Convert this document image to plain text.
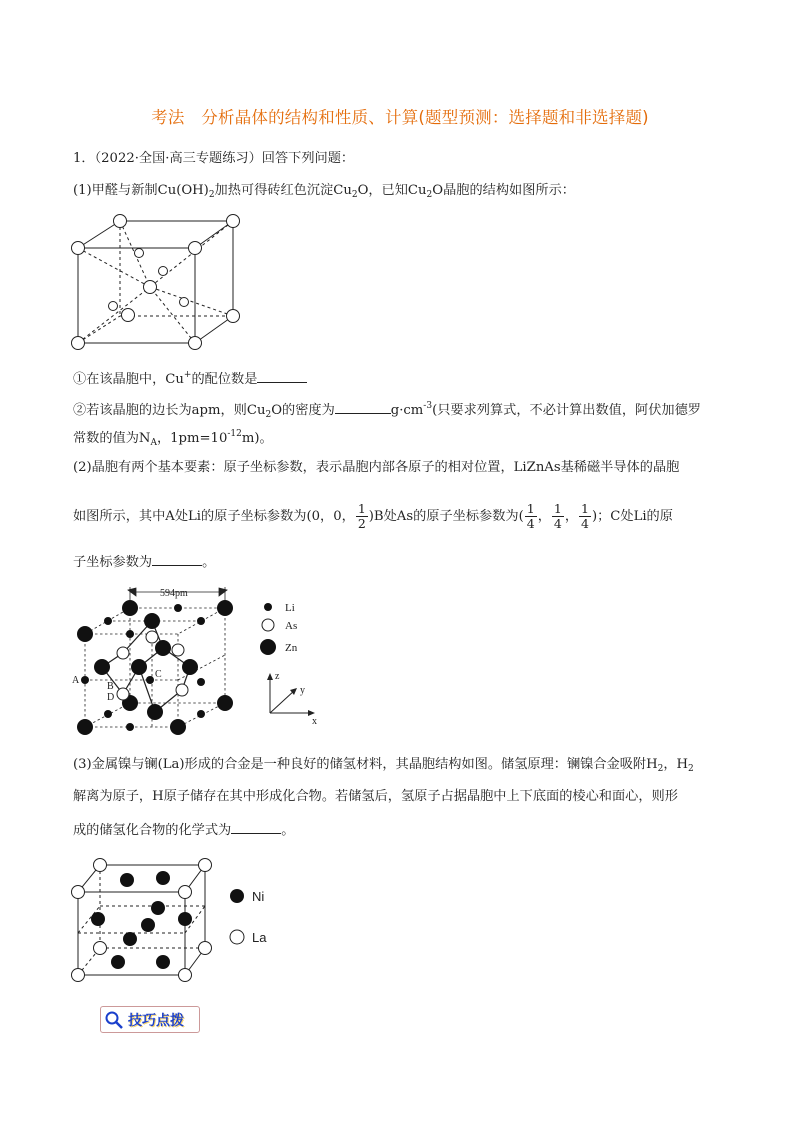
考法　分析晶体的结构和性质、计算(题型预测：选择题和非选择题)
1．（2022·全国·高三专题练习）回答下列问题：
(1)甲醛与新制$Cu(OH)_2$加热可得砖红色沉淀$Cu_2O$，已知$Cu_2O$晶胞的结构如图所示：
①在该晶胞中，Cu+的配位数是
②若该晶胞的边长为apm，则$Cu_2O$的密度为	$g\cdot cm^{-3}$(只要求列算式，不必计算出数值，阿伏加德罗
常数的值为$N_A$，$1pm=10^{-12}m$)。
(2)晶胞有两个基本要素：原子坐标参数，表示晶胞内部各原子的相对位置，LiZnAs基稀磁半导体的晶胞
如图所示，其中A处Li的原子坐标参数为(0，0， $\frac{1}{2} )B$处As的原子坐标参数为( $\frac{1}{4}$ ， $\frac{1}{4}$ ， $\frac{1}{4}$ )；C处Li的原
子坐标参数为	。
594pm
A
B
C
D
Li
As
Zn
z
y
x
(3)金属镍与镧(La)形成的合金是一种良好的储氢材料，其晶胞结构如图。储氢原理：镧镍合金吸附$H_2$，$H_2$
解离为原子，H原子储存在其中形成化合物。若储氢后，氢原子占据晶胞中上下底面的棱心和面心，则形
成的储氢化合物的化学式为	。
Ni
La
技巧点拨
